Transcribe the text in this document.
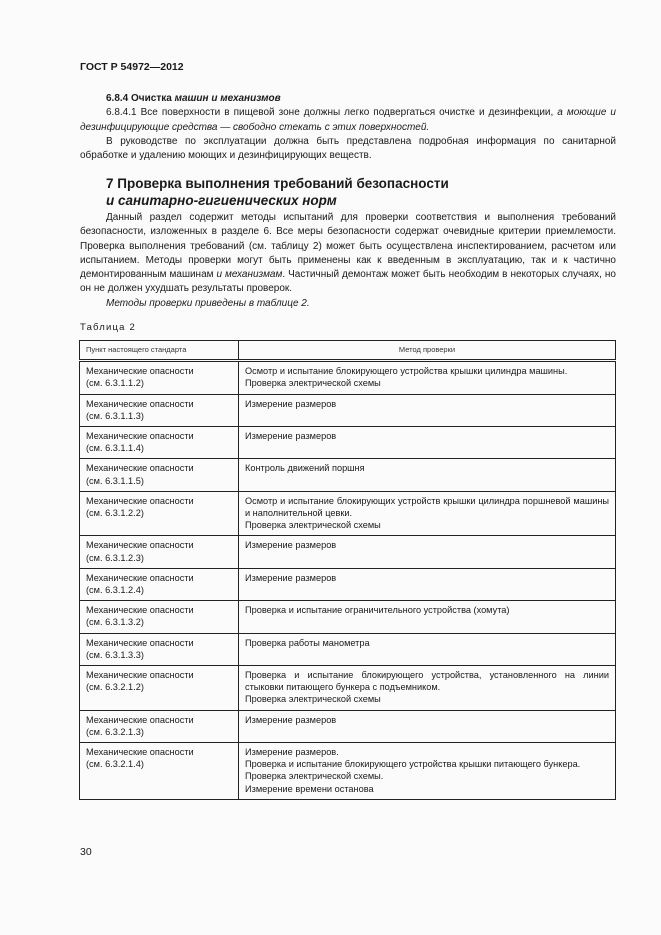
ГОСТ Р 54972—2012
6.8.4 Очистка машин и механизмов
6.8.4.1 Все поверхности в пищевой зоне должны легко подвергаться очистке и дезинфекции, а моющие и дезинфицирующие средства — свободно стекать с этих поверхностей.
В руководстве по эксплуатации должна быть представлена подробная информация по санитарной обработке и удалению моющих и дезинфицирующих веществ.
7 Проверка выполнения требований безопасности
и санитарно-гигиенических норм
Данный раздел содержит методы испытаний для проверки соответствия и выполнения требований безопасности, изложенных в разделе 6. Все меры безопасности содержат очевидные критерии приемлемости. Проверка выполнения требований (см. таблицу 2) может быть осуществлена инспектированием, расчетом или испытанием. Методы проверки могут быть применены как к введенным в эксплуатацию, так и к частично демонтированным машинам и механизмам. Частичный демонтаж может быть необходим в некоторых случаях, но он не должен ухудшать результаты проверок.
Методы проверки приведены в таблице 2.
Таблица 2
Пункт настоящего стандарта	Метод проверки

Механические опасности
(см. 6.3.1.1.2)	Осмотр и испытание блокирующего устройства крышки цилиндра машины.
Проверка электрической схемы

Механические опасности
(см. 6.3.1.1.3)	Измерение размеров

Механические опасности
(см. 6.3.1.1.4)	Измерение размеров

Механические опасности
(см. 6.3.1.1.5)	Контроль движений поршня

Механические опасности
(см. 6.3.1.2.2)	Осмотр и испытание блокирующих устройств крышки цилиндра поршневой машины и наполнительной цевки.
Проверка электрической схемы

Механические опасности
(см. 6.3.1.2.3)	Измерение размеров

Механические опасности
(см. 6.3.1.2.4)	Измерение размеров

Механические опасности
(см. 6.3.1.3.2)	Проверка и испытание ограничительного устройства (хомута)

Механические опасности
(см. 6.3.1.3.3)	Проверка работы манометра

Механические опасности
(см. 6.3.2.1.2)	Проверка и испытание блокирующего устройства, установленного на линии стыковки питающего бункера с подъемником.
Проверка электрической схемы

Механические опасности
(см. 6.3.2.1.3)	Измерение размеров

Механические опасности
(см. 6.3.2.1.4)	Измерение размеров.
Проверка и испытание блокирующего устройства крышки питающего бункера.
Проверка электрической схемы.
Измерение времени останова
30
